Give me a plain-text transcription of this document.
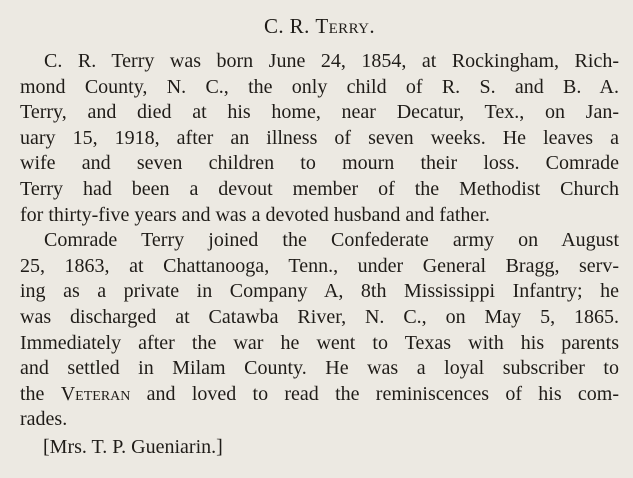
C. R. Terry.

C. R. Terry was born June 24, 1854, at Rockingham, Rich-
mond County, N. C., the only child of R. S. and B. A.
Terry, and died at his home, near Decatur, Tex., on Jan-
uary 15, 1918, after an illness of seven weeks. He leaves a
wife and seven children to mourn their loss. Comrade
Terry had been a devout member of the Methodist Church
for thirty-five years and was a devoted husband and father.

Comrade Terry joined the Confederate army on August
25, 1863, at Chattanooga, Tenn., under General Bragg, serv-
ing as a private in Company A, 8th Mississippi Infantry; he
was discharged at Catawba River, N. C., on May 5, 1865.
Immediately after the war he went to Texas with his parents
and settled in Milam County. He was a loyal subscriber to
the Veteran and loved to read the reminiscences of his com-
rades.

[Mrs. T. P. Gueniarin.]
